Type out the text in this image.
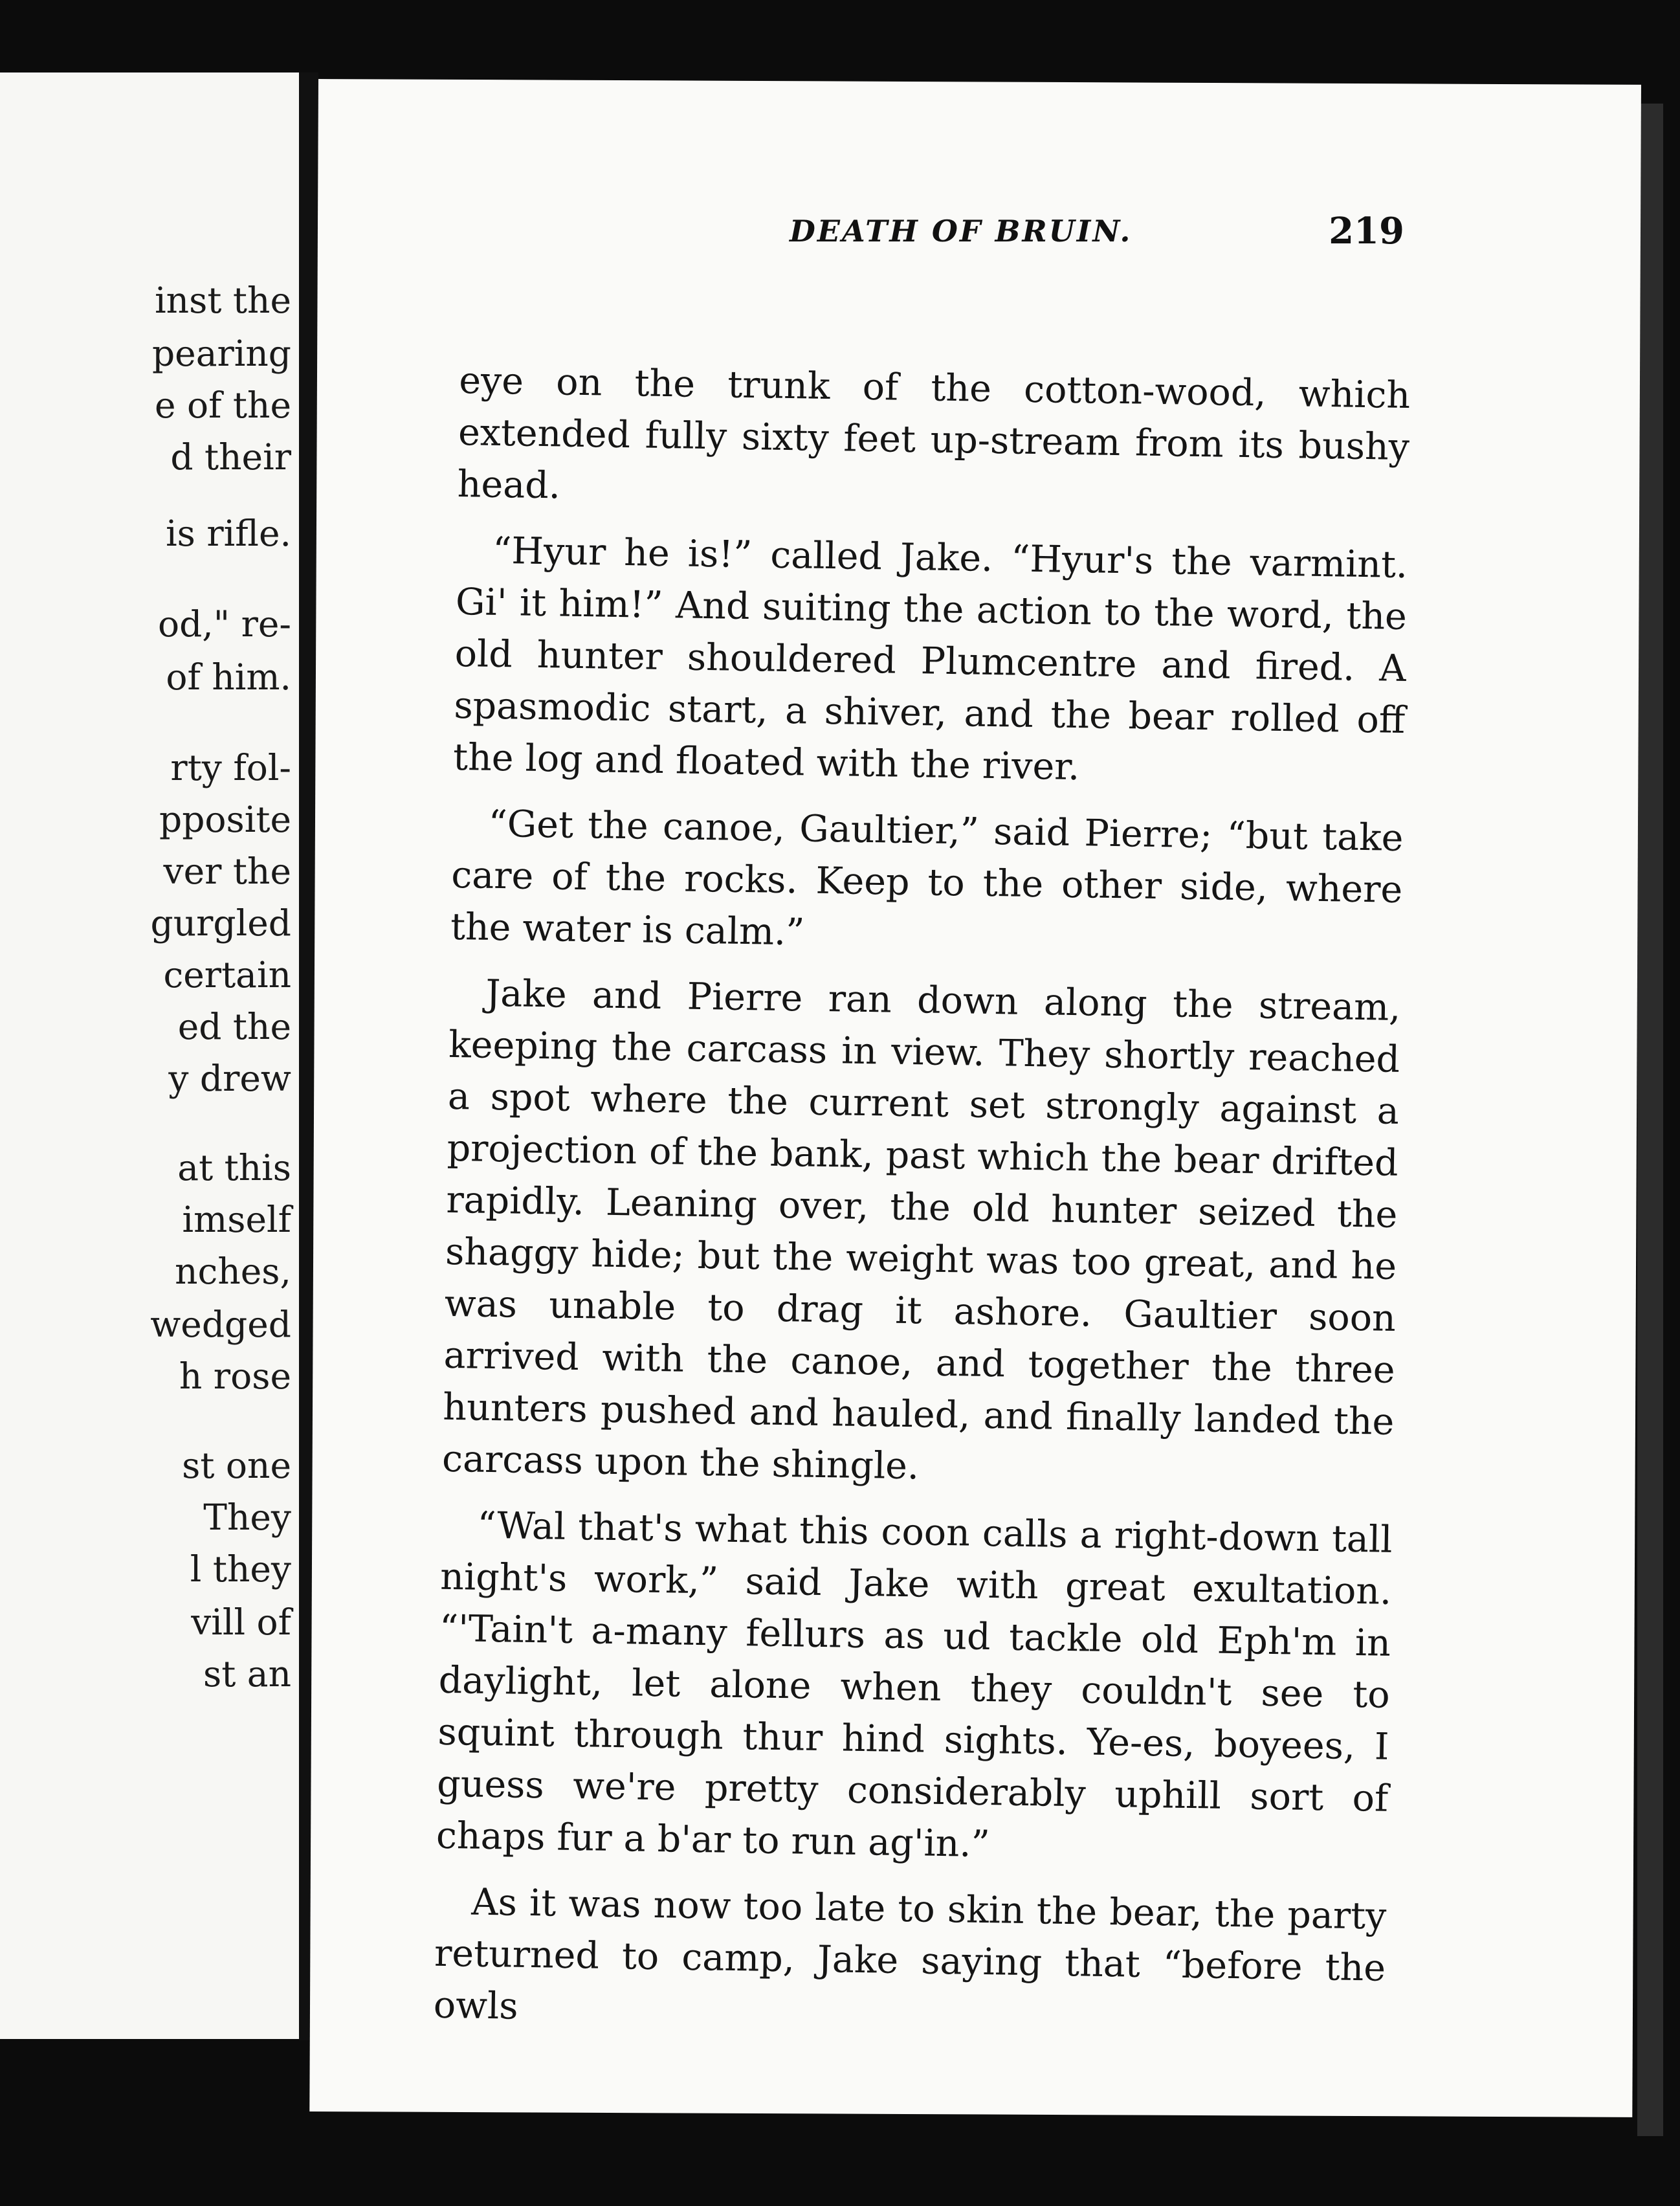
inst the
pearing
e of the
d their
is rifle.
od," re-
of him.
rty fol-
pposite
ver the
gurgled
certain
ed the
y drew
at this
imself
nches,
wedged
h rose
st one
They
l they
vill of
st an
DEATH OF BRUIN.	219

eye on the trunk of the cotton-wood, which extended fully sixty feet up-stream from its bushy head.

“Hyur he is!” called Jake. “Hyur's the varmint. Gi' it him!” And suiting the action to the word, the old hunter shouldered Plumcentre and fired. A spasmodic start, a shiver, and the bear rolled off the log and floated with the river.

“Get the canoe, Gaultier,” said Pierre; “but take care of the rocks. Keep to the other side, where the water is calm.”

Jake and Pierre ran down along the stream, keeping the carcass in view. They shortly reached a spot where the current set strongly against a projection of the bank, past which the bear drifted rapidly. Leaning over, the old hunter seized the shaggy hide; but the weight was too great, and he was unable to drag it ashore. Gaultier soon arrived with the canoe, and together the three hunters pushed and hauled, and finally landed the carcass upon the shingle.

“Wal that's what this coon calls a right-down tall night's work,” said Jake with great exultation. “'Tain't a-many fellurs as ud tackle old Eph'm in daylight, let alone when they couldn't see to squint through thur hind sights. Ye-es, boyees, I guess we're pretty considerably uphill sort of chaps fur a b'ar to run ag'in.”

As it was now too late to skin the bear, the party returned to camp, Jake saying that “before the owls
